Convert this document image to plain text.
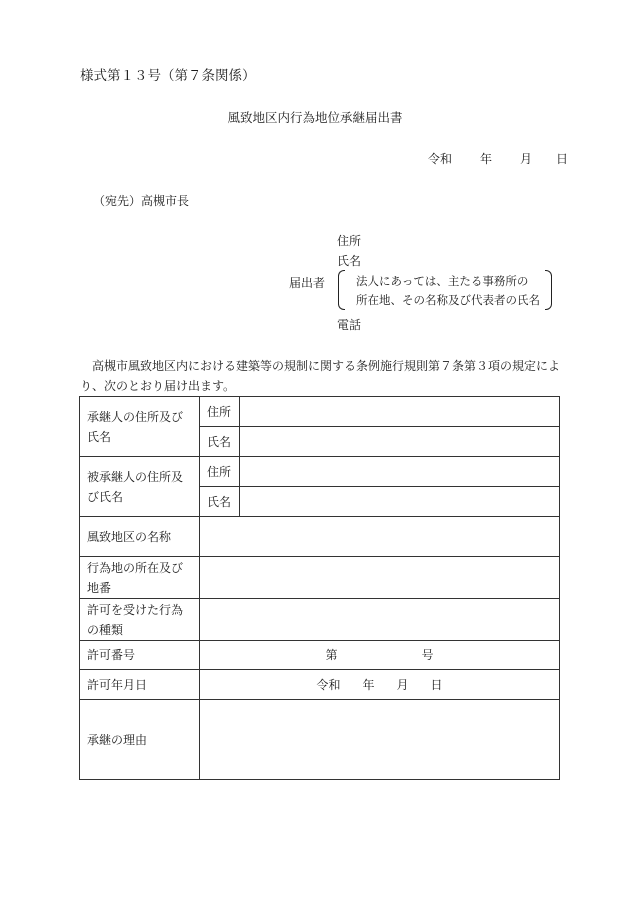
様式第１３号（第７条関係）
風致地区内行為地位承継届出書
令和 年 月 日
（宛先）高槻市長
住所
氏名
届出者	法人にあっては、主たる事務所の
所在地、その名称及び代表者の氏名
電話
高槻市風致地区内における建築等の規制に関する条例施行規則第７条第３項の規定により、次のとおり届け出ます。
承継人の住所及び氏名	住所	
	氏名	
被承継人の住所及び氏名	住所	
	氏名	
風致地区の名称		
行為地の所在及び地番		
許可を受けた行為の種類		
許可番号	第 号	
許可年月日	令和 年 月 日	
承継の理由		
